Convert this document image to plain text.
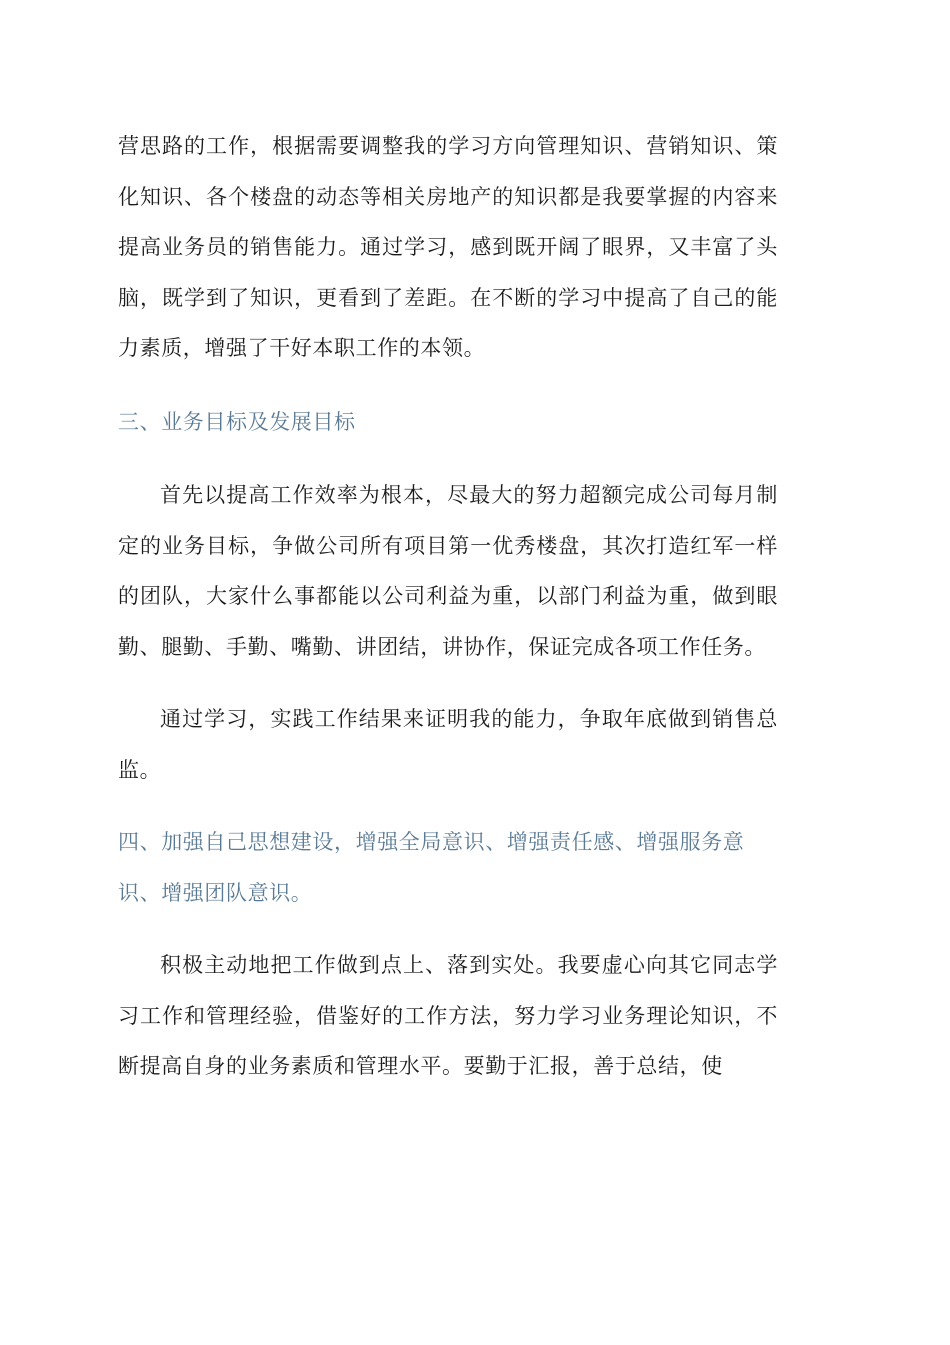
营思路的工作，根据需要调整我的学习方向管理知识、营销知识、策化知识、各个楼盘的动态等相关房地产的知识都是我要掌握的内容来提高业务员的销售能力。通过学习，感到既开阔了眼界，又丰富了头脑，既学到了知识，更看到了差距。在不断的学习中提高了自己的能力素质，增强了干好本职工作的本领。

三、业务目标及发展目标

首先以提高工作效率为根本，尽最大的努力超额完成公司每月制定的业务目标，争做公司所有项目第一优秀楼盘，其次打造红军一样的团队，大家什么事都能以公司利益为重，以部门利益为重，做到眼勤、腿勤、手勤、嘴勤、讲团结，讲协作，保证完成各项工作任务。

通过学习，实践工作结果来证明我的能力，争取年底做到销售总监。

四、加强自己思想建设，增强全局意识、增强责任感、增强服务意识、增强团队意识。

积极主动地把工作做到点上、落到实处。我要虚心向其它同志学习工作和管理经验，借鉴好的工作方法，努力学习业务理论知识，不断提高自身的业务素质和管理水平。要勤于汇报，善于总结，使
